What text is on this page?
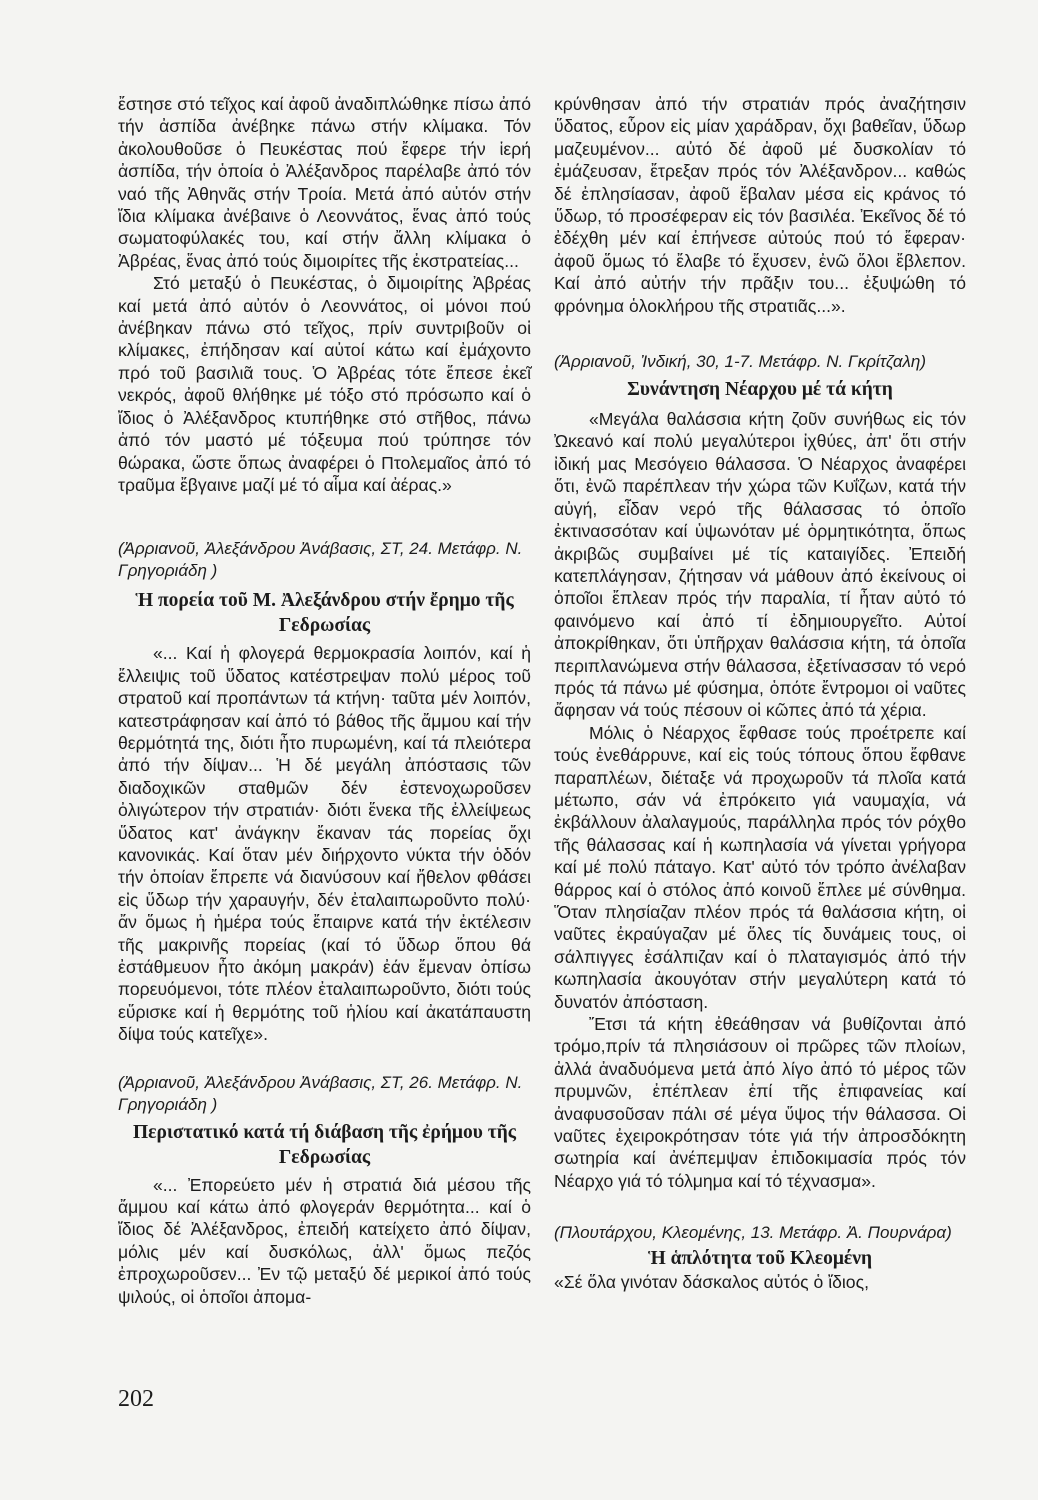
ἔστησε στό τεῖχος καί ἀφοῦ ἀναδιπλώθηκε πίσω ἀπό τήν ἀσπίδα ἀνέβηκε πάνω στήν κλίμακα. Τόν ἀκολουθοῦσε ὁ Πευκέστας πού ἔφερε τήν ἱερή ἀσπίδα, τήν ὁποία ὁ Ἀλέξανδρος παρέλαβε ἀπό τόν ναό τῆς Ἀθηνᾶς στήν Τροία. Μετά ἀπό αὐτόν στήν ἴδια κλίμακα ἀνέβαινε ὁ Λεοννάτος, ἕνας ἀπό τούς σωματοφύλακές του, καί στήν ἄλλη κλίμακα ὁ Ἀβρέας, ἕνας ἀπό τούς διμοιρίτες τῆς ἐκστρατείας...

Στό μεταξύ ὁ Πευκέστας, ὁ διμοιρίτης Ἀβρέας καί μετά ἀπό αὐτόν ὁ Λεοννάτος, οἱ μόνοι πού ἀνέβηκαν πάνω στό τεῖχος, πρίν συντριβοῦν οἱ κλίμακες, ἐπήδησαν καί αὐτοί κάτω καί ἐμάχοντο πρό τοῦ βασιλιᾶ τους. Ὁ Ἀβρέας τότε ἔπεσε ἐκεῖ νεκρός, ἀφοῦ θλήθηκε μέ τόξο στό πρόσωπο καί ὁ ἴδιος ὁ Ἀλέξανδρος κτυπήθηκε στό στῆθος, πάνω ἀπό τόν μαστό μέ τόξευμα πού τρύπησε τόν θώρακα, ὥστε ὅπως ἀναφέρει ὁ Πτολεμαῖος ἀπό τό τραῦμα ἔβγαινε μαζί μέ τό αἷμα καί ἀέρας.»

(Ἀρριανοῦ, Ἀλεξάνδρου Ἀνάβασις, ΣΤ, 24. Μετάφρ. Ν. Γρηγοριάδη )

Ἡ πορεία τοῦ Μ. Ἀλεξάνδρου στήν ἔρημο τῆς Γεδρωσίας

«... Καί ἡ φλογερά θερμοκρασία λοιπόν, καί ἡ ἔλλειψις τοῦ ὕδατος κατέστρεψαν πολύ μέρος τοῦ στρατοῦ καί προπάντων τά κτήνη· ταῦτα μέν λοιπόν, κατεστράφησαν καί ἀπό τό βάθος τῆς ἄμμου καί τήν θερμότητά της, διότι ἦτο πυρωμένη, καί τά πλειότερα ἀπό τήν δίψαν... Ἡ δέ μεγάλη ἀπόστασις τῶν διαδοχικῶν σταθμῶν δέν ἐστενοχωροῦσεν ὀλιγώτερον τήν στρατιάν· διότι ἕνεκα τῆς ἐλλείψεως ὕδατος κατ' ἀνάγκην ἔκαναν τάς πορείας ὄχι κανονικάς. Καί ὅταν μέν διήρχοντο νύκτα τήν ὁδόν τήν ὁποίαν ἔπρεπε νά διανύσουν καί ἤθελον φθάσει εἰς ὕδωρ τήν χαραυγήν, δέν ἐταλαιπωροῦντο πολύ· ἄν ὅμως ἡ ἡμέρα τούς ἔπαιρνε κατά τήν ἐκτέλεσιν τῆς μακρινῆς πορείας (καί τό ὕδωρ ὅπου θά ἐστάθμευον ἦτο ἀκόμη μακράν) ἐάν ἔμεναν ὀπίσω πορευόμενοι, τότε πλέον ἐταλαιπωροῦντο, διότι τούς εὕρισκε καί ἡ θερμότης τοῦ ἡλίου καί ἀκατάπαυστη δίψα τούς κατεῖχε».

(Ἀρριανοῦ, Ἀλεξάνδρου Ἀνάβασις, ΣΤ, 26. Μετάφρ. Ν. Γρηγοριάδη )

Περιστατικό κατά τή διάβαση τῆς ἐρήμου τῆς Γεδρωσίας

«... Ἐπορεύετο μέν ἡ στρατιά διά μέσου τῆς ἄμμου καί κάτω ἀπό φλογεράν θερμότητα... καί ὁ ἴδιος δέ Ἀλέξανδρος, ἐπειδή κατείχετο ἀπό δίψαν, μόλις μέν καί δυσκόλως, ἀλλ' ὅμως πεζός ἐπροχωροῦσεν... Ἐν τῷ μεταξύ δέ μερικοί ἀπό τούς ψιλούς, οἱ ὁποῖοι ἀπομα-

κρύνθησαν ἀπό τήν στρατιάν πρός ἀναζήτησιν ὕδατος, εὗρον εἰς μίαν χαράδραν, ὄχι βαθεῖαν, ὕδωρ μαζευμένον... αὐτό δέ ἀφοῦ μέ δυσκολίαν τό ἐμάζευσαν, ἔτρεξαν πρός τόν Ἀλέξανδρον... καθώς δέ ἐπλησίασαν, ἀφοῦ ἔβαλαν μέσα εἰς κράνος τό ὕδωρ, τό προσέφεραν εἰς τόν βασιλέα. Ἐκεῖνος δέ τό ἐδέχθη μέν καί ἐπήνεσε αὐτούς πού τό ἔφεραν· ἀφοῦ ὅμως τό ἔλαβε τό ἔχυσεν, ἐνῶ ὅλοι ἔβλεπον. Καί ἀπό αὐτήν τήν πρᾶξιν του... ἐξυψώθη τό φρόνημα ὁλοκλήρου τῆς στρατιᾶς...».

(Ἀρριανοῦ, Ἰνδική, 30, 1-7. Μετάφρ. Ν. Γκρίτζαλη)

Συνάντηση Νέαρχου μέ τά κήτη

«Μεγάλα θαλάσσια κήτη ζοῦν συνήθως εἰς τόν Ὠκεανό καί πολύ μεγαλύτεροι ἰχθύες, ἀπ' ὅτι στήν ἰδική μας Μεσόγειο θάλασσα. Ὁ Νέαρχος ἀναφέρει ὅτι, ἐνῶ παρέπλεαν τήν χώρα τῶν Κυΐζων, κατά τήν αὐγή, εἶδαν νερό τῆς θάλασσας τό ὁποῖο ἐκτινασσόταν καί ὑψωνόταν μέ ὁρμητικότητα, ὅπως ἀκριβῶς συμβαίνει μέ τίς καταιγίδες. Ἐπειδή κατεπλάγησαν, ζήτησαν νά μάθουν ἀπό ἐκείνους οἱ ὁποῖοι ἔπλεαν πρός τήν παραλία, τί ἦταν αὐτό τό φαινόμενο καί ἀπό τί ἐδημιουργεῖτο. Αὐτοί ἀποκρίθηκαν, ὅτι ὑπῆρχαν θαλάσσια κήτη, τά ὁποῖα περιπλανώμενα στήν θάλασσα, ἐξετίνασσαν τό νερό πρός τά πάνω μέ φύσημα, ὁπότε ἔντρομοι οἱ ναῦτες ἄφησαν νά τούς πέσουν οἱ κῶπες ἀπό τά χέρια.

Μόλις ὁ Νέαρχος ἔφθασε τούς προέτρεπε καί τούς ἐνεθάρρυνε, καί εἰς τούς τόπους ὅπου ἔφθανε παραπλέων, διέταξε νά προχωροῦν τά πλοῖα κατά μέτωπο, σάν νά ἐπρόκειτο γιά ναυμαχία, νά ἐκβάλλουν ἀλαλαγμούς, παράλληλα πρός τόν ρόχθο τῆς θάλασσας καί ἡ κωπηλασία νά γίνεται γρήγορα καί μέ πολύ πάταγο. Κατ' αὐτό τόν τρόπο ἀνέλαβαν θάρρος καί ὁ στόλος ἀπό κοινοῦ ἔπλεε μέ σύνθημα. Ὅταν πλησίαζαν πλέον πρός τά θαλάσσια κήτη, οἱ ναῦτες ἐκραύγαζαν μέ ὅλες τίς δυνάμεις τους, οἱ σάλπιγγες ἐσάλπιζαν καί ὁ πλαταγισμός ἀπό τήν κωπηλασία ἀκουγόταν στήν μεγαλύτερη κατά τό δυνατόν ἀπόσταση.

Ἔτσι τά κήτη ἐθεάθησαν νά βυθίζονται ἀπό τρόμο,πρίν τά πλησιάσουν οἱ πρῶρες τῶν πλοίων, ἀλλά ἀναδυόμενα μετά ἀπό λίγο ἀπό τό μέρος τῶν πρυμνῶν, ἐπέπλεαν ἐπί τῆς ἐπιφανείας καί ἀναφυσοῦσαν πάλι σέ μέγα ὕψος τήν θάλασσα. Οἱ ναῦτες ἐχειροκρότησαν τότε γιά τήν ἀπροσδόκητη σωτηρία καί ἀνέπεμψαν ἐπιδοκιμασία πρός τόν Νέαρχο γιά τό τόλμημα καί τό τέχνασμα».

(Πλουτάρχου, Κλεομένης, 13. Μετάφρ. Ἀ. Πουρνάρα)

Ἡ ἁπλότητα τοῦ Κλεομένη

«Σέ ὅλα γινόταν δάσκαλος αὐτός ὁ ἴδιος,

202
